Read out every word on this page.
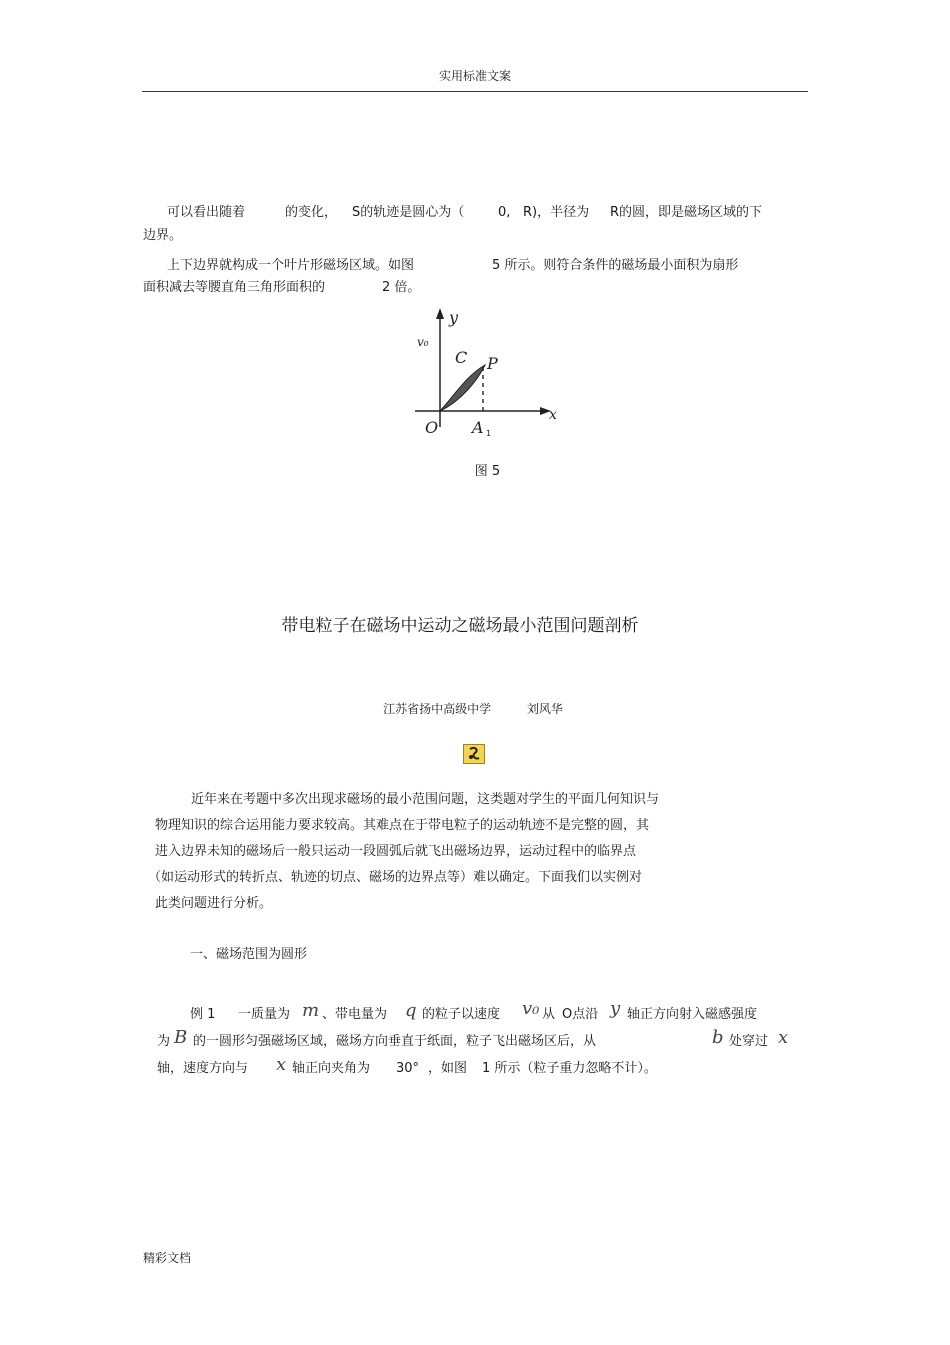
实用标准文案
可以看出随着	的变化， S的轨迹是圆心为（	0, R)，半径为 R的圆，即是磁场区域的下
边界。
上下边界就构成一个叶片形磁场区域。如图	5 所示。则符合条件的磁场最小面积为扇形
面积减去等腰直角三角形面积的	2 倍。
y
v₀
C P
x
O A 1
图 5
带电粒子在磁场中运动之磁场最小范围问题剖析
江苏省扬中高级中学	刘风华
近年来在考题中多次出现求磁场的最小范围问题，这类题对学生的平面几何知识与
物理知识的综合运用能力要求较高。其难点在于带电粒子的运动轨迹不是完整的圆，其
进入边界未知的磁场后一般只运动一段圆弧后就飞出磁场边界，运动过程中的临界点
（如运动形式的转折点、轨迹的切点、磁场的边界点等）难以确定。下面我们以实例对
此类问题进行分析。
一、磁场范围为圆形
例 1 一质量为 m 、带电量为 q 的粒子以速度 v₀ 从 O点沿 y 轴正方向射入磁感强度
为 B 的一圆形匀强磁场区域，磁场方向垂直于纸面，粒子飞出磁场区后，从	b 处穿过 x
轴，速度方向与 x 轴正向夹角为 30° ，如图 1 所示（粒子重力忽略不计）。
精彩文档
